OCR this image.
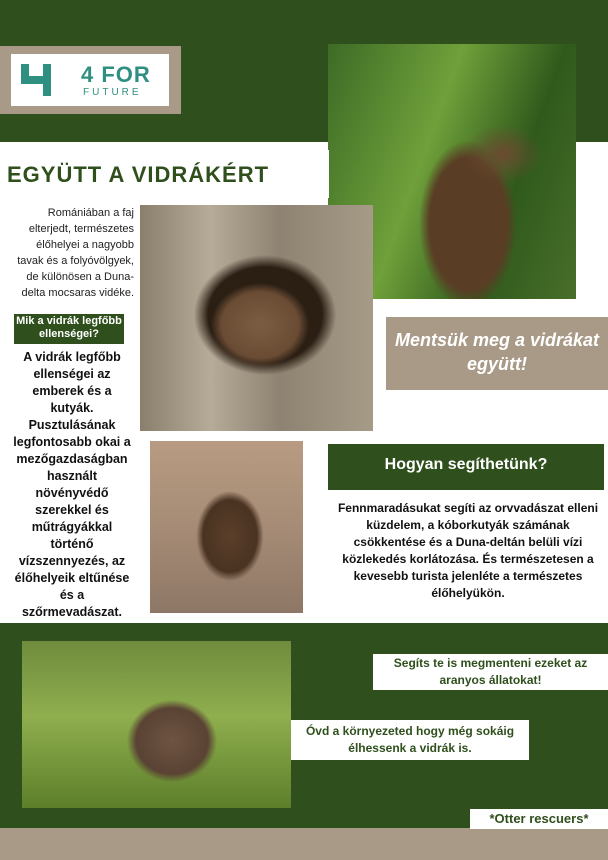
4 FOR
FUTURE
EGYÜTT A VIDRÁKÉRT
Romániában a faj elterjedt, természetes élőhelyei a nagyobb tavak és a folyóvölgyek, de különösen a Duna-delta mocsaras vidéke.
Mik a vidrák legfőbb ellenségei?
A vidrák legfőbb ellenségei az emberek és a kutyák. Pusztulásának legfontosabb okai a mezőgazdaságban használt növényvédő szerekkel és műtrágyákkal történő vízszennyezés, az élőhelyeik eltűnése és a szőrmevadászat.
Mentsük meg a vidrákat együtt!
Hogyan segíthetünk?
Fennmaradásukat segíti az orvvadászat elleni küzdelem, a kóborkutyák számának csökkentése és a Duna-deltán belüli vízi közlekedés korlátozása. És természetesen a kevesebb turista jelenléte a természetes élőhelyükön.
Segíts te is megmenteni ezeket az aranyos állatokat!
Óvd a környezeted hogy még sokáig élhessenk a vidrák is.
*Otter rescuers*
